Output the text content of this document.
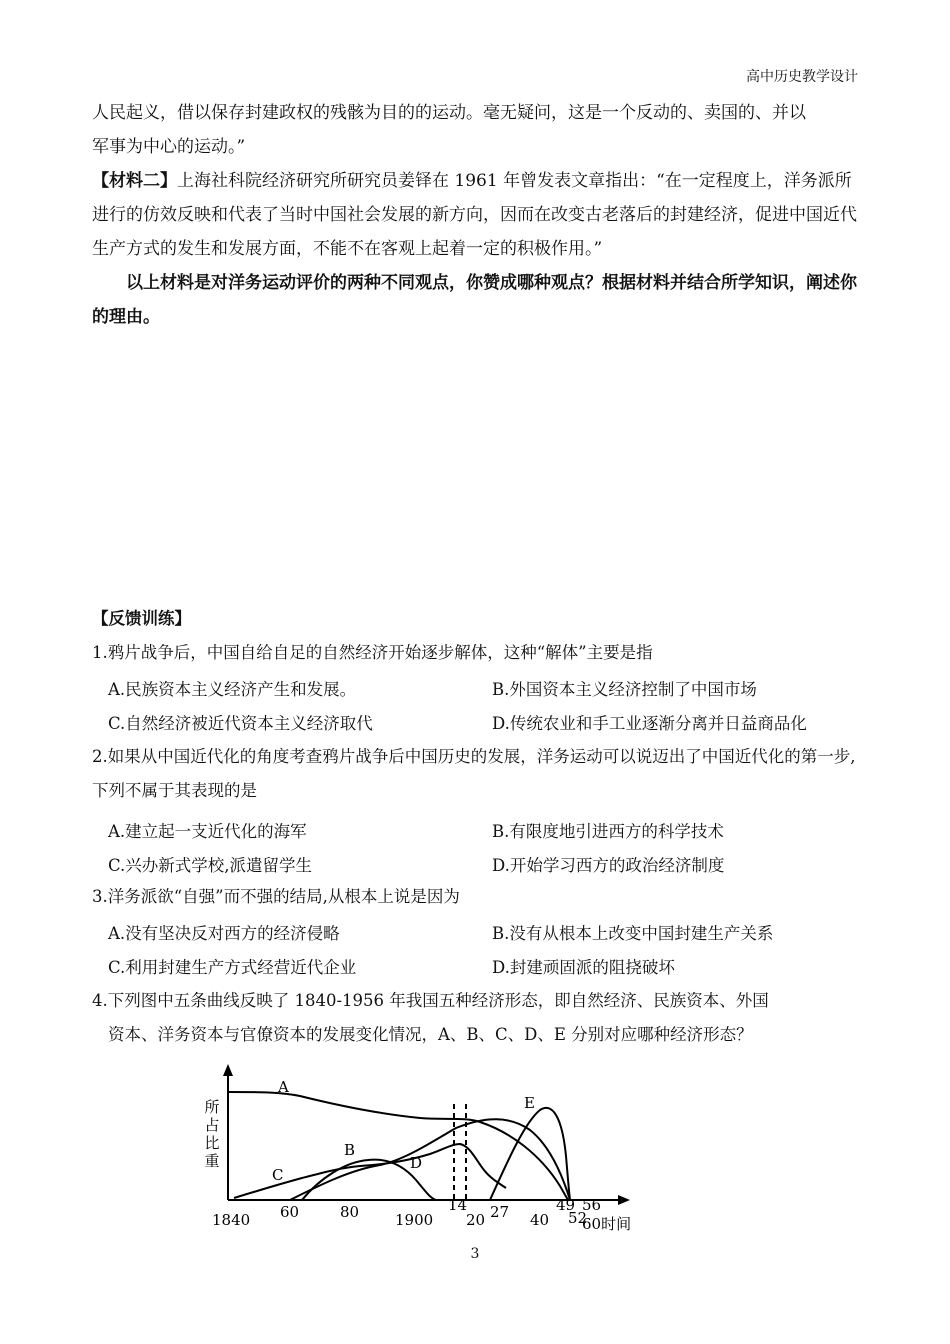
高中历史教学设计

人民起义，借以保存封建政权的残骸为目的的运动。毫无疑问，这是一个反动的、卖国的、并以

军事为中心的运动。”

【材料二】上海社科院经济研究所研究员姜铎在 1961 年曾发表文章指出：“在一定程度上，洋务派所进行的仿效反映和代表了当时中国社会发展的新方向，因而在改变古老落后的封建经济，促进中国近代生产方式的发生和发展方面，不能不在客观上起着一定的积极作用。”

以上材料是对洋务运动评价的两种不同观点，你赞成哪种观点？根据材料并结合所学知识，阐述你的理由。

【反馈训练】

1.鸦片战争后，中国自给自足的自然经济开始逐步解体，这种“解体”主要是指

A.民族资本主义经济产生和发展。	B.外国资本主义经济控制了中国市场
C.自然经济被近代资本主义经济取代	D.传统农业和手工业逐渐分离并日益商品化

2.如果从中国近代化的角度考查鸦片战争后中国历史的发展，洋务运动可以说迈出了中国近代化的第一步, 下列不属于其表现的是

A.建立起一支近代化的海军	B.有限度地引进西方的科学技术
C.兴办新式学校,派遣留学生	D.开始学习西方的政治经济制度

3.洋务派欲“自强”而不强的结局,从根本上说是因为

A.没有坚决反对西方的经济侵略	B.没有从根本上改变中国封建生产关系
C.利用封建生产方式经营近代企业	D.封建顽固派的阻挠破坏

4.下列图中五条曲线反映了 1840-1956 年我国五种经济形态，即自然经济、民族资本、外国

资本、洋务资本与官僚资本的发展变化情况，A、B、C、D、E 分别对应哪种经济形态？

所占比重
A
B
C
D
E
1840 60	80 1900
14
20 27 40
49
52
56
60时间
3
